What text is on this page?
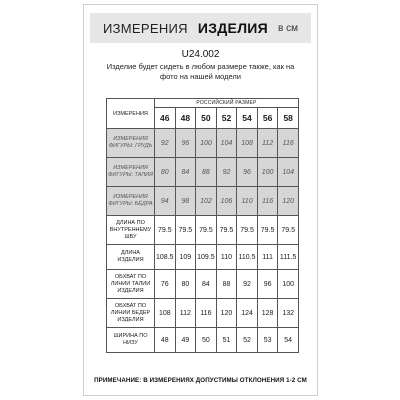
ИЗМЕРЕНИЯ ИЗДЕЛИЯ в см
U24.002
Изделие будет сидеть в любом размере также, как на фото на нашей модели
ИЗМЕРЕНИЯ	РОССИЙСКИЙ РАЗМЕР						
	46	48	50	52	54	56	58
ИЗМЕРЕНИЯ ФИГУРЫ: ГРУДЬ	92	96	100	104	108	112	116
ИЗМЕРЕНИЯ ФИГУРЫ: ТАЛИЯ	80	84	88	92	96	100	104
ИЗМЕРЕНИЯ ФИГУРЫ: БЁДРА	94	98	102	106	110	116	120
ДЛИНА ПО ВНУТРЕННЕМУ ШВУ	79.5	79.5	79.5	79.5	79.5	79.5	79.5
ДЛИНА ИЗДЕЛИЯ	108.5	109	109.5	110	110.5	111	111.5
ОБХВАТ ПО ЛИНИИ ТАЛИИ ИЗДЕЛИЯ	76	80	84	88	92	96	100
ОБХВАТ ПО ЛИНИИ БЕДЕР ИЗДЕЛИЯ	108	112	116	120	124	128	132
ШИРИНА ПО НИЗУ	48	49	50	51	52	53	54
ПРИМЕЧАНИЕ: В ИЗМЕРЕНИЯХ ДОПУСТИМЫ ОТКЛОНЕНИЯ 1-2 СМ
